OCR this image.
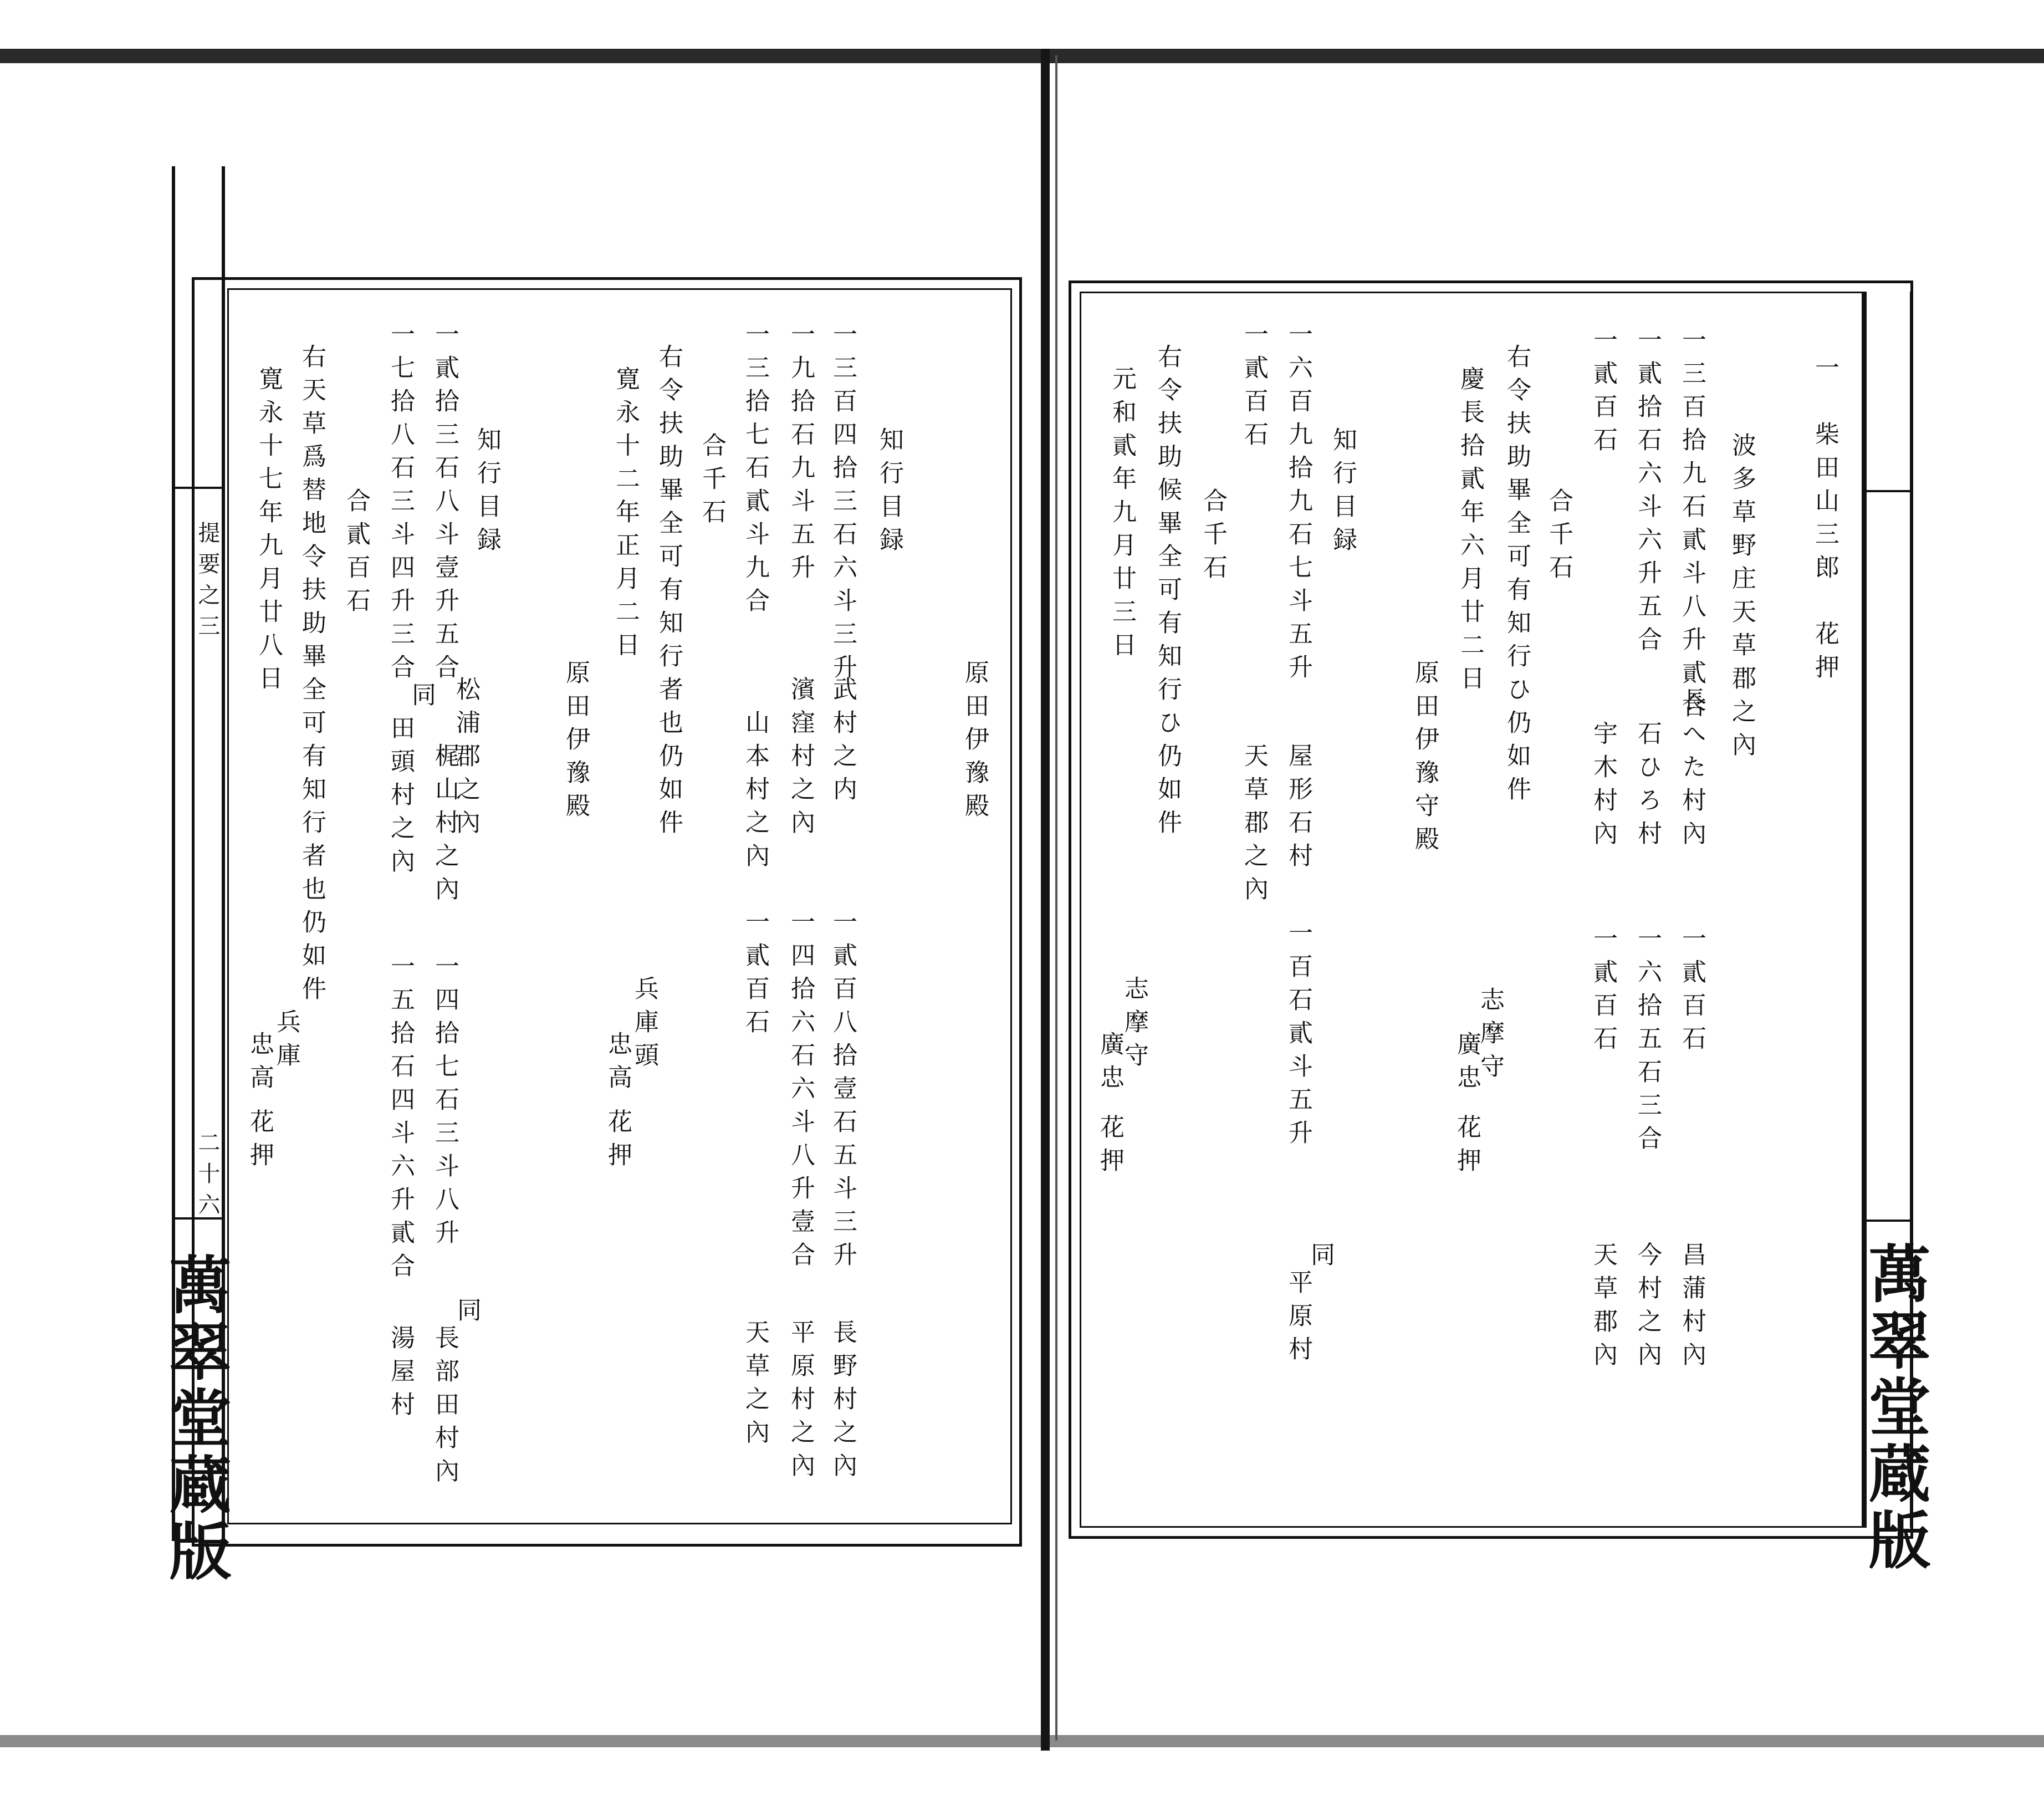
提要之三
二十六
萬翠堂蔵版
原田伊豫殿
知行目録
一三百四拾三石六斗三升
武村之内
一貳百八拾壹石五斗三升
長野村之內
一九拾石九斗五升
濱窪村之內
一四拾六石六斗八升壹合
平原村之內
一三拾七石貳斗九合
山本村之內
一貳百石
天草之內
合千石
右令扶助畢全可有知行者也仍如件
寛永十二年正月二日
兵庫頭
忠高
花押
原田伊豫殿
知行目録
松浦郡之內
一貳拾三石八斗壹升五合
梶山村之內
一四拾七石三斗八升
同
長部田村內
同
一七拾八石三斗四升三合
田頭村之內
一五拾石四斗六升貳合
湯屋村
合貳百石
右天草爲替地令扶助畢全可有知行者也仍如件
寛永十七年九月廿八日
兵庫
忠高
花押
萬翠堂蔵版
一　柴田山三郎　花押
波多草野庄天草郡之內
一三百拾九石貳斗八升貳合
長へた村內
一貳百石
昌蒲村內
一貳拾石六斗六升五合
石ひろ村
一六拾五石三合
今村之內
一貳百石
宇木村內
一貳百石
天草郡內
合千石
右令扶助畢全可有知行ひ仍如件
慶長拾貳年六月廿二日
志摩守
廣忠
花押
原田伊豫守殿
知行目録
一六百九拾九石七斗五升
屋形石村
一百石貳斗五升
同
平原村
一貳百石
天草郡之內
合千石
右令扶助候畢全可有知行ひ仍如件
元和貳年九月廿三日
志摩守
廣忠
花押
